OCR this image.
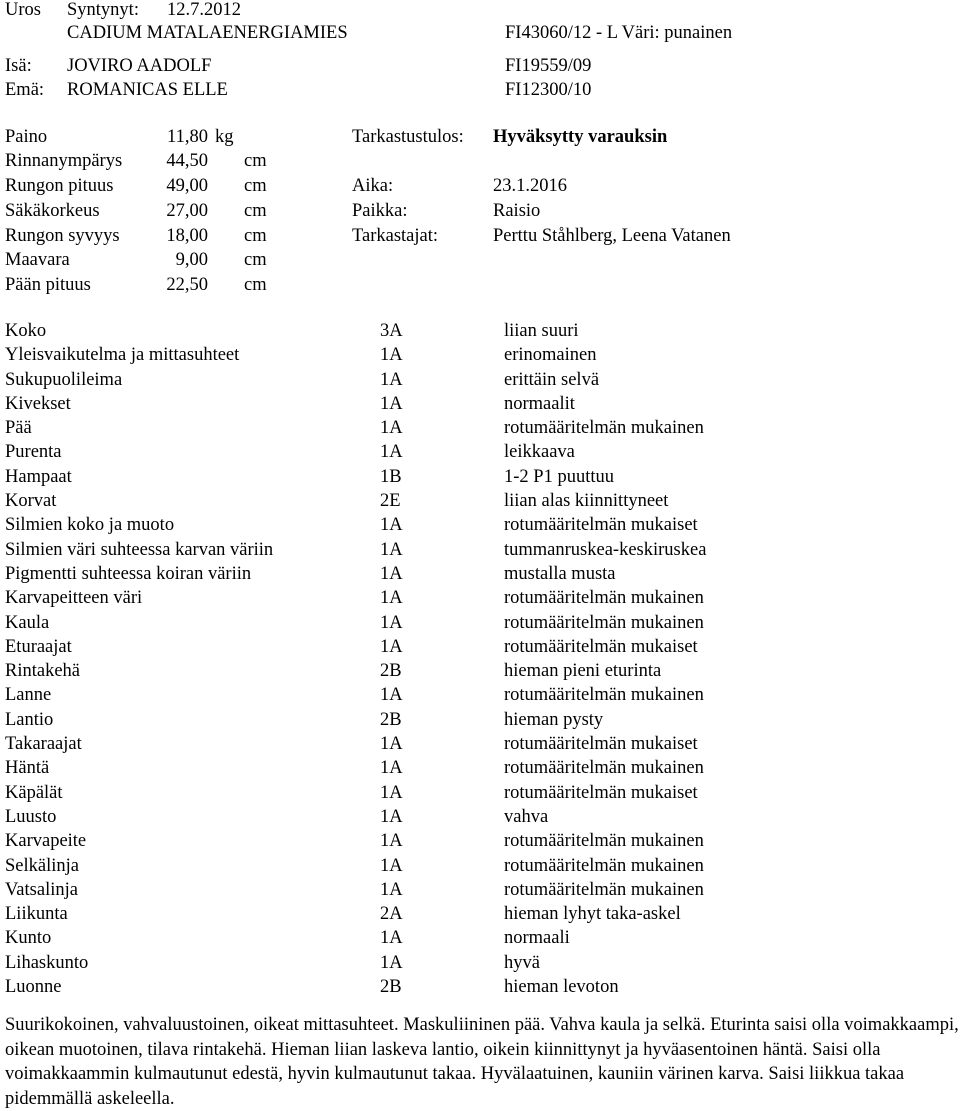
Uros Syntynyt: 12.7.2012
CADIUM MATALAENERGIAMIES	FI43060/12 - L Väri: punainen
Isä: JOVIRO AADOLF	FI19559/09
Emä: ROMANICAS ELLE	FI12300/10
Paino	11,80 kg
Rinnanympärys	44,50 cm
Rungon pituus	49,00 cm
Säkäkorkeus	27,00 cm
Rungon syvyys	18,00 cm
Maavara	9,00 cm
Pään pituus	22,50 cm
Tarkastustulos: Hyväksytty varauksin
Aika:	23.1.2016
Paikka:	Raisio
Tarkastajat:	Perttu Ståhlberg, Leena Vatanen
Koko	3A	liian suuri
Yleisvaikutelma ja mittasuhteet	1A	erinomainen
Sukupuolileima	1A	erittäin selvä
Kivekset	1A	normaalit
Pää	1A	rotumääritelmän mukainen
Purenta	1A	leikkaava
Hampaat	1B	1-2 P1 puuttuu
Korvat	2E	liian alas kiinnittyneet
Silmien koko ja muoto	1A	rotumääritelmän mukaiset
Silmien väri suhteessa karvan väriin	1A	tummanruskea-keskiruskea
Pigmentti suhteessa koiran väriin	1A	mustalla musta
Karvapeitteen väri	1A	rotumääritelmän mukainen
Kaula	1A	rotumääritelmän mukainen
Eturaajat	1A	rotumääritelmän mukaiset
Rintakehä	2B	hieman pieni eturinta
Lanne	1A	rotumääritelmän mukainen
Lantio	2B	hieman pysty
Takaraajat	1A	rotumääritelmän mukaiset
Häntä	1A	rotumääritelmän mukainen
Käpälät	1A	rotumääritelmän mukaiset
Luusto	1A	vahva
Karvapeite	1A	rotumääritelmän mukainen
Selkälinja	1A	rotumääritelmän mukainen
Vatsalinja	1A	rotumääritelmän mukainen
Liikunta	2A	hieman lyhyt taka-askel
Kunto	1A	normaali
Lihaskunto	1A	hyvä
Luonne	2B	hieman levoton
Suurikokoinen, vahvaluustoinen, oikeat mittasuhteet. Maskuliininen pää. Vahva kaula ja selkä. Eturinta saisi olla voimakkaampi, oikean muotoinen, tilava rintakehä. Hieman liian laskeva lantio, oikein kiinnittynyt ja hyväasentoinen häntä. Saisi olla voimakkaammin kulmautunut edestä, hyvin kulmautunut takaa. Hyvälaatuinen, kauniin värinen karva. Saisi liikkua takaa pidemmällä askeleella.
